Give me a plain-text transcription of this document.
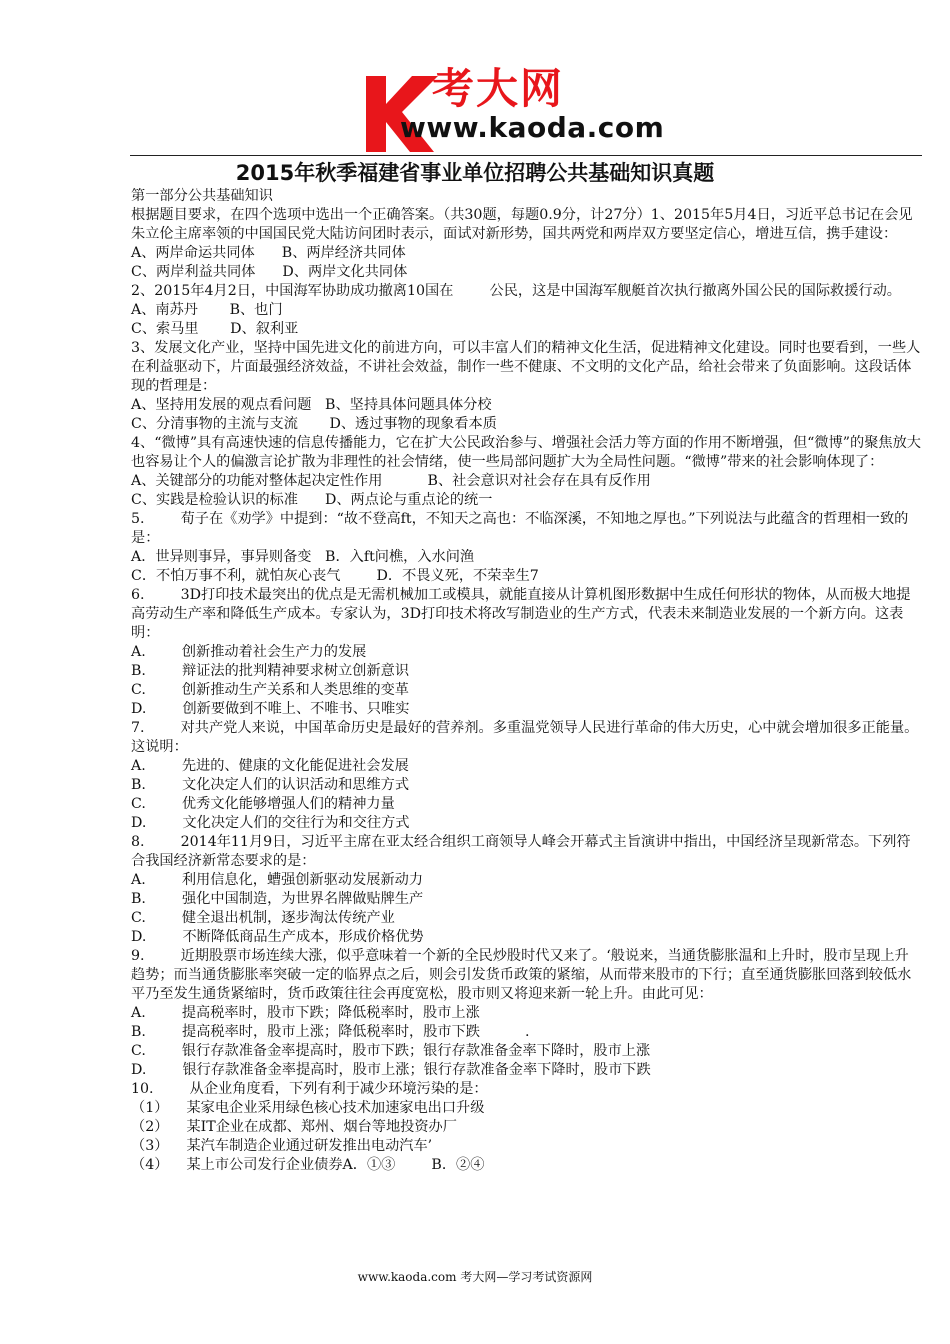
考大网
www.kaoda.com
2015年秋季福建省事业单位招聘公共基础知识真题

第一部分公共基础知识

根据题目要求，在四个选项中选出一个正确答案。（共30题，每题0.9分，计27分）1、2015年5月4日，习近平总书记在会见朱立伦主席率领的中国国民党大陆访问团时表示，面试对新形势，国共两党和两岸双方要坚定信心，增进互信，携手建设：

A、两岸命运共同体      B、两岸经济共同体

C、两岸利益共同体      D、两岸文化共同体

2、2015年4月2日，中国海军协助成功撤离10国在        公民，这是中国海军舰艇首次执行撤离外国公民的国际救援行动。

A、南苏丹       B、也门

C、索马里       D、叙利亚

3、发展文化产业，坚持中国先进文化的前进方向，可以丰富人们的精神文化生活，促进精神文化建设。同时也要看到，一些人在利益驱动下，片面最强经济效益，不讲社会效益，制作一些不健康、不文明的文化产品，给社会带来了负面影响。这段话体现的哲理是：

A、坚持用发展的观点看问题   B、坚持具体问题具体分校

C、分清事物的主流与支流       D、透过事物的现象看本质

4、“微博”具有高速快速的信息传播能力，它在扩大公民政治参与、增强社会活力等方面的作用不断增强，但“微博”的聚焦放大也容易让个人的偏激言论扩散为非理性的社会情绪，使一些局部问题扩大为全局性问题。“微博”带来的社会影响体现了：

A、关键部分的功能对整体起决定性作用          B、社会意识对社会存在具有反作用

C、实践是检验认识的标准      D、两点论与重点论的统一

5.        荀子在《劝学》中提到：“故不登高ft，不知天之高也：不临深溪，不知地之厚也。”下列说法与此蕴含的哲理相一致的是：

A．世异则事异，事异则备变   B．入ft问樵，入水问渔

C．不怕万事不利，就怕灰心丧气        D．不畏义死，不荣幸生7

6.        3D打印技术最突出的优点是无需机械加工或模具，就能直接从计算机图形数据中生成任何形状的物体，从而极大地提高劳动生产率和降低生产成本。专家认为，3D打印技术将改写制造业的生产方式，代表未来制造业发展的一个新方向。这表明：

A.        创新推动着社会生产力的发展

B.        辩证法的批判精神要求树立创新意识

C.        创新推动生产关系和人类思维的变革

D.        创新要做到不唯上、不唯书、只唯实

7.        对共产党人来说，中国革命历史是最好的营养剂。多重温党领导人民进行革命的伟大历史，心中就会增加很多正能量。这说明：

A.        先进的、健康的文化能促进社会发展

B.        文化决定人们的认识活动和思维方式

C.        优秀文化能够增强人们的精神力量

D.        文化决定人们的交往行为和交往方式

8.        2014年11月9日，习近平主席在亚太经合组织工商领导人峰会开幕式主旨演讲中指出，中国经济呈现新常态。下列符合我国经济新常态要求的是：

A.        利用信息化，螬强创新驱动发展新动力

B.        强化中国制造，为世界名牌做贴牌生产

C.        健全退出机制，逐步淘汰传统产业

D.        不断降低商品生产成本，形成价格优势

9.        近期股票市场连续大涨，似乎意味着一个新的全民炒股时代又来了。‘般说来，当通货膨胀温和上升时，股市呈现上升趋势；而当通货膨胀率突破一定的临界点之后，则会引发货币政策的紧缩，从而带来股市的下行；直至通货膨胀回落到较低水平乃至发生通货紧缩时，货币政策往往会再度宽松，股市则又将迎来新一轮上升。由此可见：

A.        提高税率时，股市下跌；降低税率时，股市上涨

B.        提高税率时，股市上涨；降低税率时，股市下跌          .

C.        银行存款准备金率提高时，股市下跌；银行存款准备金率下降时，股市上涨

D.        银行存款准备金率提高时，股市上涨；银行存款准备金率下降时，股市下跌

10.        从企业角度看，下列有利于减少环境污染的是：

（1）    某家电企业采用绿色核心技术加速家电出口升级

（2）    某IT企业在成都、郑州、烟台等地投资办厂

（3）    某汽车制造企业通过研发推出电动汽车’

（4）    某上市公司发行企业债券A．①③        B．②④

www.kaoda.com 考大网—学习考试资源网
